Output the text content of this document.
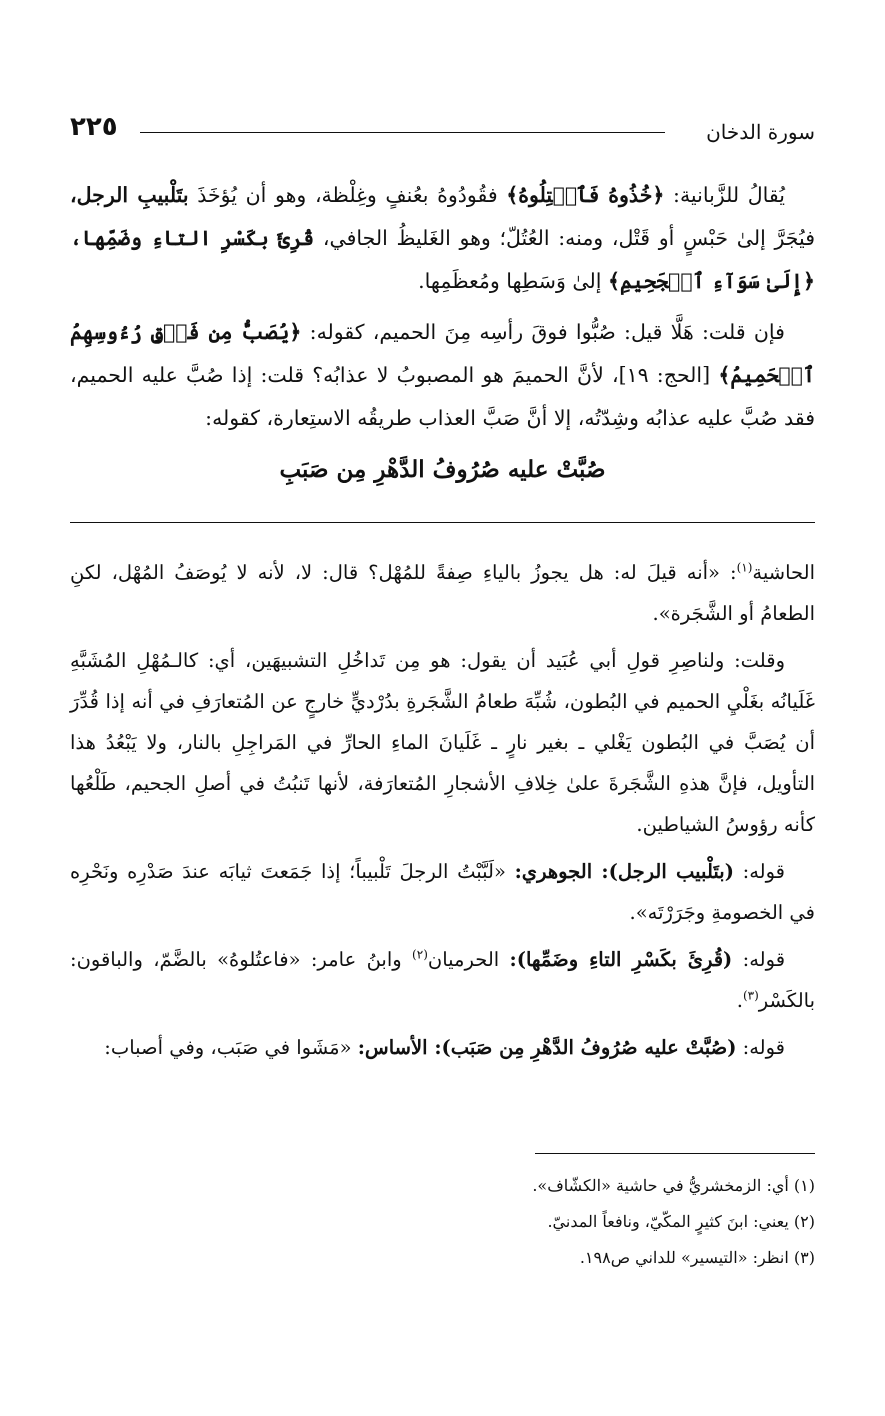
٢٢٥	سورة الدخان

يُقالُ للزَّبانية: ﴿خُذُوهُ فَٱعۡتِلُوهُ﴾ فقُودُوهُ بعُنفٍ وغِلْظة، وهو أن يُؤخَذَ بتَلْبيبِ الرجل، فيُجَرَّ إلىٰ حَبْسٍ أو قَتْل، ومنه: العُتُلّ؛ وهو الغَليظُ الجافي، قُرِئَ بكَسْرِ التاءِ وضَمِّها، ﴿إِلَىٰ سَوَآءِ ٱلۡجَحِيمِ﴾ إلىٰ وَسَطِها ومُعظَمِها.

فإن قلت: هَلَّا قيل: صُبُّوا فوقَ رأسِه مِنَ الحميم، كقوله: ﴿يُصَبُّ مِن فَوۡقِ رُءُوسِهِمُ ٱلۡحَمِيمُ﴾ [الحج: ١٩]، لأنَّ الحميمَ هو المصبوبُ لا عذابُه؟ قلت: إذا صُبَّ عليه الحميم، فقد صُبَّ عليه عذابُه وشِدّتُه، إلا أنَّ صَبَّ العذاب طريقُه الاستِعارة، كقوله:

صُبَّتْ عليه صُرُوفُ الدَّهْرِ مِن صَبَبِ

الحاشية$^{(١)}$: «أنه قيلَ له: هل يجوزُ بالياءِ صِفةً للمُهْل؟ قال: لا، لأنه لا يُوصَفُ المُهْل، لكنِ الطعامُ أو الشَّجَرة».

وقلت: ولناصِرِ قولِ أبي عُبَيد أن يقول: هو مِن تَداخُلِ التشبيهَين، أي: كالـمُهْلِ المُشَبَّهِ غَلَيانُه بغَلْيِ الحميم في البُطون، شُبِّهَ طعامُ الشَّجَرةِ بدُرْديٍّ خارجٍ عن المُتعارَفِ في أنه إذا قُدِّرَ أن يُصَبَّ في البُطون يَغْلي ـ بغير نارٍ ـ غَلَيانَ الماءِ الحارِّ في المَراجِلِ بالنار، ولا يَبْعُدُ هذا التأويل، فإنَّ هذهِ الشَّجَرةَ علىٰ خِلافِ الأشجارِ المُتعارَفة، لأنها تَنبُتُ في أصلِ الجحيم، طَلْعُها كأنه رؤوسُ الشياطين.

قوله: (بتَلْبيب الرجل): الجوهري: «لَبَّبْتُ الرجلَ تَلْبيباً؛ إذا جَمَعتَ ثيابَه عندَ صَدْرِه ونَحْرِه في الخصومةِ وجَرَرْتَه».

قوله: (قُرِئَ بكَسْرِ التاءِ وضَمِّها): الحرميان$^{(٢)}$ وابنُ عامر: «فاعتُلوهُ» بالضَّمّ، والباقون: بالكَسْر$^{(٣)}$.

قوله: (صُبَّتْ عليه صُرُوفُ الدَّهْرِ مِن صَبَب): الأساس: «مَشَوا في صَبَب، وفي أصباب:

(١) أي: الزمخشريُّ في حاشية «الكشّاف».
(٢) يعني: ابنَ كثيرٍ المكّيّ، ونافعاً المدنيّ.
(٣) انظر: «التيسير» للداني ص١٩٨.
